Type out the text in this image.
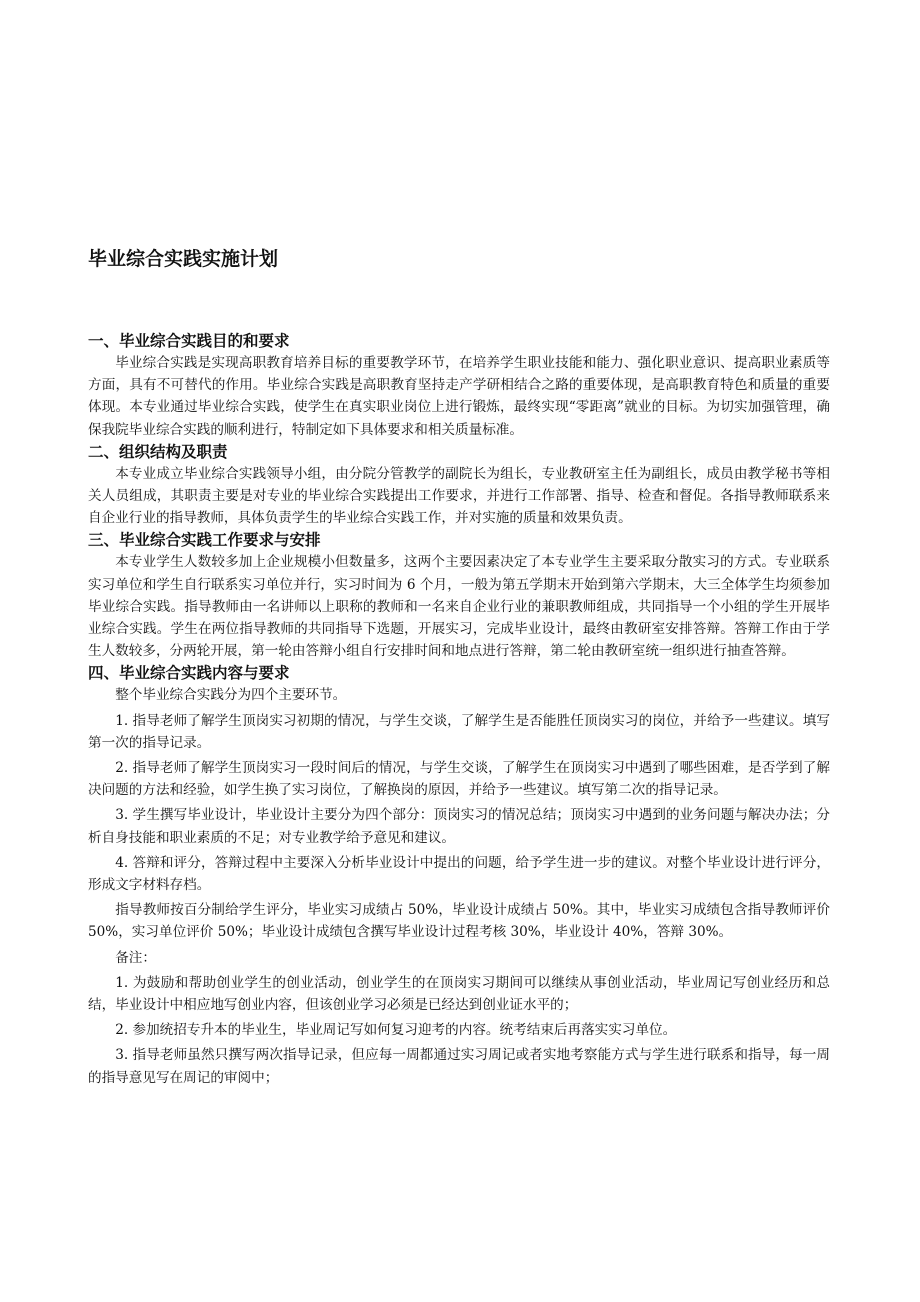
毕业综合实践实施计划

一、毕业综合实践目的和要求

毕业综合实践是实现高职教育培养目标的重要教学环节，在培养学生职业技能和能力、强化职业意识、提高职业素质等方面，具有不可替代的作用。毕业综合实践是高职教育坚持走产学研相结合之路的重要体现，是高职教育特色和质量的重要体现。本专业通过毕业综合实践，使学生在真实职业岗位上进行锻炼，最终实现“零距离”就业的目标。为切实加强管理，确保我院毕业综合实践的顺利进行，特制定如下具体要求和相关质量标准。

二、组织结构及职责

本专业成立毕业综合实践领导小组，由分院分管教学的副院长为组长，专业教研室主任为副组长，成员由教学秘书等相关人员组成，其职责主要是对专业的毕业综合实践提出工作要求，并进行工作部署、指导、检查和督促。各指导教师联系来自企业行业的指导教师，具体负责学生的毕业综合实践工作，并对实施的质量和效果负责。

三、毕业综合实践工作要求与安排

本专业学生人数较多加上企业规模小但数量多，这两个主要因素决定了本专业学生主要采取分散实习的方式。专业联系实习单位和学生自行联系实习单位并行，实习时间为 6 个月，一般为第五学期末开始到第六学期末，大三全体学生均须参加毕业综合实践。指导教师由一名讲师以上职称的教师和一名来自企业行业的兼职教师组成，共同指导一个小组的学生开展毕业综合实践。学生在两位指导教师的共同指导下选题，开展实习，完成毕业设计，最终由教研室安排答辩。答辩工作由于学生人数较多，分两轮开展，第一轮由答辩小组自行安排时间和地点进行答辩，第二轮由教研室统一组织进行抽查答辩。

四、毕业综合实践内容与要求

整个毕业综合实践分为四个主要环节。

1. 指导老师了解学生顶岗实习初期的情况，与学生交谈，了解学生是否能胜任顶岗实习的岗位，并给予一些建议。填写第一次的指导记录。

2. 指导老师了解学生顶岗实习一段时间后的情况，与学生交谈，了解学生在顶岗实习中遇到了哪些困难，是否学到了解决问题的方法和经验，如学生换了实习岗位，了解换岗的原因，并给予一些建议。填写第二次的指导记录。

3. 学生撰写毕业设计，毕业设计主要分为四个部分：顶岗实习的情况总结；顶岗实习中遇到的业务问题与解决办法；分析自身技能和职业素质的不足；对专业教学给予意见和建议。

4. 答辩和评分，答辩过程中主要深入分析毕业设计中提出的问题，给予学生进一步的建议。对整个毕业设计进行评分，形成文字材料存档。

指导教师按百分制给学生评分，毕业实习成绩占 50%，毕业设计成绩占 50%。其中，毕业实习成绩包含指导教师评价 50%，实习单位评价 50%；毕业设计成绩包含撰写毕业设计过程考核 30%，毕业设计 40%，答辩 30%。

备注：

1. 为鼓励和帮助创业学生的创业活动，创业学生的在顶岗实习期间可以继续从事创业活动，毕业周记写创业经历和总结，毕业设计中相应地写创业内容，但该创业学习必须是已经达到创业证水平的；

2. 参加统招专升本的毕业生，毕业周记写如何复习迎考的内容。统考结束后再落实实习单位。

3. 指导老师虽然只撰写两次指导记录，但应每一周都通过实习周记或者实地考察能方式与学生进行联系和指导，每一周的指导意见写在周记的审阅中；
